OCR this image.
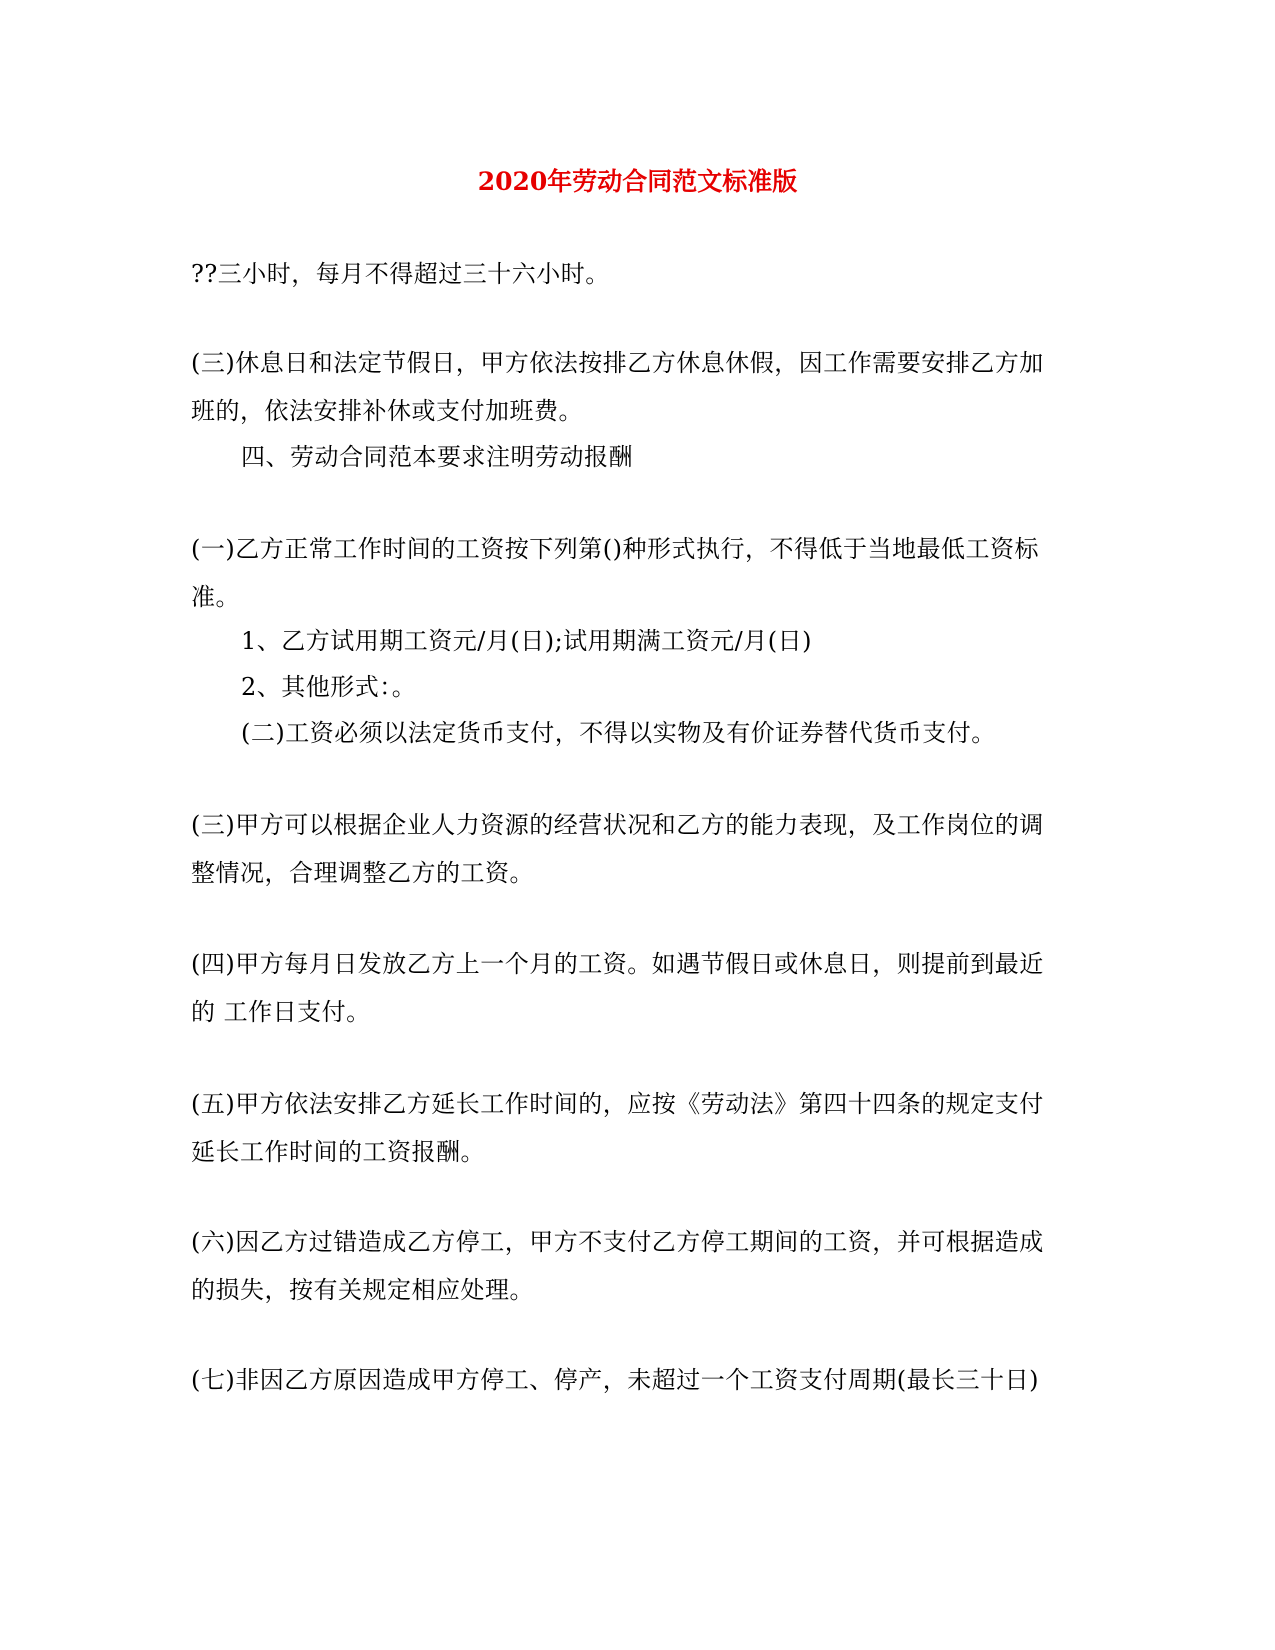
2020年劳动合同范文标准版
??三小时，每月不得超过三十六小时。
(三)休息日和法定节假日，甲方依法按排乙方休息休假，因工作需要安排乙方加
班的，依法安排补休或支付加班费。
四、劳动合同范本要求注明劳动报酬
(一)乙方正常工作时间的工资按下列第()种形式执行，不得低于当地最低工资标
准。
1、乙方试用期工资元/月(日);试用期满工资元/月(日)
2、其他形式：。
(二)工资必须以法定货币支付，不得以实物及有价证券替代货币支付。
(三)甲方可以根据企业人力资源的经营状况和乙方的能力表现，及工作岗位的调
整情况，合理调整乙方的工资。
(四)甲方每月日发放乙方上一个月的工资。如遇节假日或休息日，则提前到最近
的 工作日支付。
(五)甲方依法安排乙方延长工作时间的，应按《劳动法》第四十四条的规定支付
延长工作时间的工资报酬。
(六)因乙方过错造成乙方停工，甲方不支付乙方停工期间的工资，并可根据造成
的损失，按有关规定相应处理。
(七)非因乙方原因造成甲方停工、停产，未超过一个工资支付周期(最长三十日)
